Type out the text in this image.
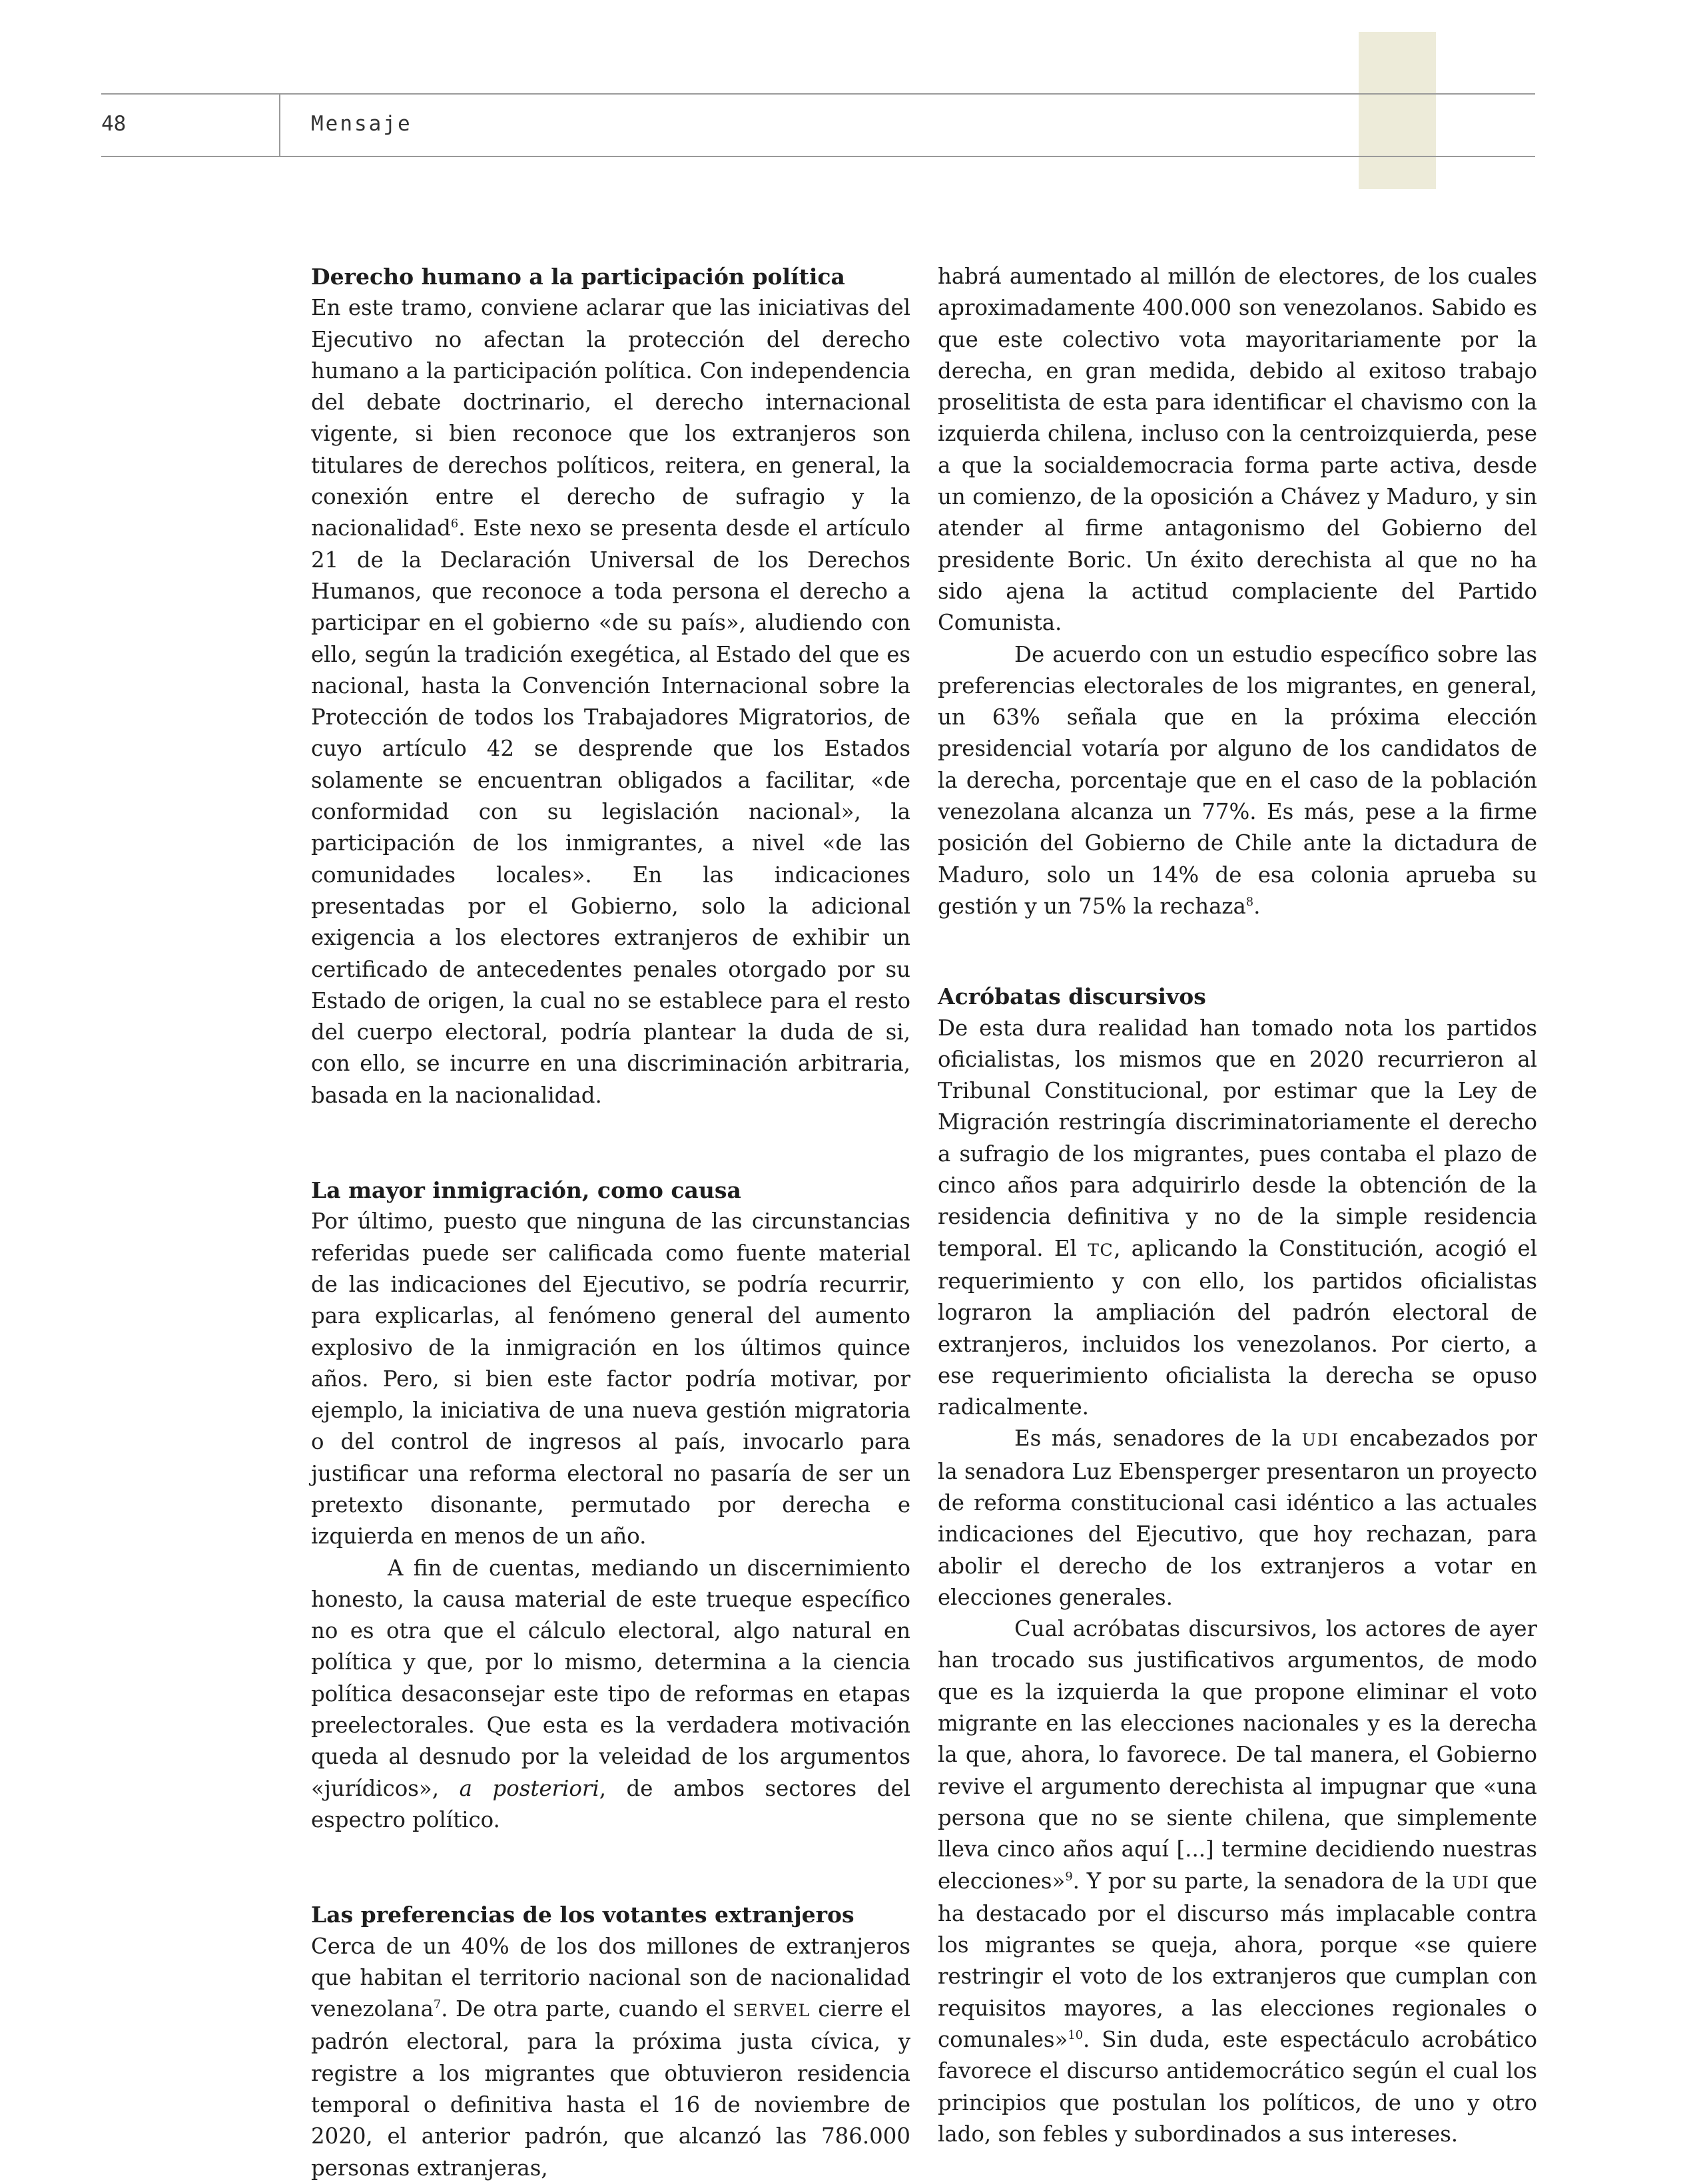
48	Mensaje
Derecho humano a la participación política

En este tramo, conviene aclarar que las iniciativas del Ejecutivo no afectan la protección del derecho humano a la participación política. Con independencia del debate doctrinario, el derecho internacional vigente, si bien reconoce que los extranjeros son titulares de derechos políticos, reitera, en general, la conexión entre el derecho de sufragio y la nacionalidad$^6$. Este nexo se presenta desde el artículo 21 de la Declaración Universal de los Derechos Humanos, que reconoce a toda persona el derecho a participar en el gobierno «de su país», aludiendo con ello, según la tradición exegética, al Estado del que es nacional, hasta la Convención Internacional sobre la Protección de todos los Trabajadores Migratorios, de cuyo artículo 42 se desprende que los Estados solamente se encuentran obligados a facilitar, «de conformidad con su legislación nacional», la participación de los inmigrantes, a nivel «de las comunidades locales». En las indicaciones presentadas por el Gobierno, solo la adicional exigencia a los electores extranjeros de exhibir un certificado de antecedentes penales otorgado por su Estado de origen, la cual no se establece para el resto del cuerpo electoral, podría plantear la duda de si, con ello, se incurre en una discriminación arbitraria, basada en la nacionalidad.

La mayor inmigración, como causa

Por último, puesto que ninguna de las circunstancias referidas puede ser calificada como fuente material de las indicaciones del Ejecutivo, se podría recurrir, para explicarlas, al fenómeno general del aumento explosivo de la inmigración en los últimos quince años. Pero, si bien este factor podría motivar, por ejemplo, la iniciativa de una nueva gestión migratoria o del control de ingresos al país, invocarlo para justificar una reforma electoral no pasaría de ser un pretexto disonante, permutado por derecha e izquierda en menos de un año.

A fin de cuentas, mediando un discernimiento honesto, la causa material de este trueque específico no es otra que el cálculo electoral, algo natural en política y que, por lo mismo, determina a la ciencia política desaconsejar este tipo de reformas en etapas preelectorales. Que esta es la verdadera motivación queda al desnudo por la veleidad de los argumentos «jurídicos», a posteriori, de ambos sectores del espectro político.

Las preferencias de los votantes extranjeros

Cerca de un 40% de los dos millones de extranjeros que habitan el territorio nacional son de nacionalidad venezolana$^7$. De otra parte, cuando el SERVEL cierre el padrón electoral, para la próxima justa cívica, y registre a los migrantes que obtuvieron residencia temporal o definitiva hasta el 16 de noviembre de 2020, el anterior padrón, que alcanzó las 786.000 personas extranjeras,

habrá aumentado al millón de electores, de los cuales aproximadamente 400.000 son venezolanos. Sabido es que este colectivo vota mayoritariamente por la derecha, en gran medida, debido al exitoso trabajo proselitista de esta para identificar el chavismo con la izquierda chilena, incluso con la centroizquierda, pese a que la socialdemocracia forma parte activa, desde un comienzo, de la oposición a Chávez y Maduro, y sin atender al firme antagonismo del Gobierno del presidente Boric. Un éxito derechista al que no ha sido ajena la actitud complaciente del Partido Comunista.

De acuerdo con un estudio específico sobre las preferencias electorales de los migrantes, en general, un 63% señala que en la próxima elección presidencial votaría por alguno de los candidatos de la derecha, porcentaje que en el caso de la población venezolana alcanza un 77%. Es más, pese a la firme posición del Gobierno de Chile ante la dictadura de Maduro, solo un 14% de esa colonia aprueba su gestión y un 75% la rechaza$^8$.

Acróbatas discursivos

De esta dura realidad han tomado nota los partidos oficialistas, los mismos que en 2020 recurrieron al Tribunal Constitucional, por estimar que la Ley de Migración restringía discriminatoriamente el derecho a sufragio de los migrantes, pues contaba el plazo de cinco años para adquirirlo desde la obtención de la residencia definitiva y no de la simple residencia temporal. El TC, aplicando la Constitución, acogió el requerimiento y con ello, los partidos oficialistas lograron la ampliación del padrón electoral de extranjeros, incluidos los venezolanos. Por cierto, a ese requerimiento oficialista la derecha se opuso radicalmente.

Es más, senadores de la UDI encabezados por la senadora Luz Ebensperger presentaron un proyecto de reforma constitucional casi idéntico a las actuales indicaciones del Ejecutivo, que hoy rechazan, para abolir el derecho de los extranjeros a votar en elecciones generales.

Cual acróbatas discursivos, los actores de ayer han trocado sus justificativos argumentos, de modo que es la izquierda la que propone eliminar el voto migrante en las elecciones nacionales y es la derecha la que, ahora, lo favorece. De tal manera, el Gobierno revive el argumento derechista al impugnar que «una persona que no se siente chilena, que simplemente lleva cinco años aquí [...] termine decidiendo nuestras elecciones»$^9$. Y por su parte, la senadora de la UDI que ha destacado por el discurso más implacable contra los migrantes se queja, ahora, porque «se quiere restringir el voto de los extranjeros que cumplan con requisitos mayores, a las elecciones regionales o comunales»$^{10}$. Sin duda, este espectáculo acrobático favorece el discurso antidemocrático según el cual los principios que postulan los políticos, de uno y otro lado, son febles y subordinados a sus intereses.
